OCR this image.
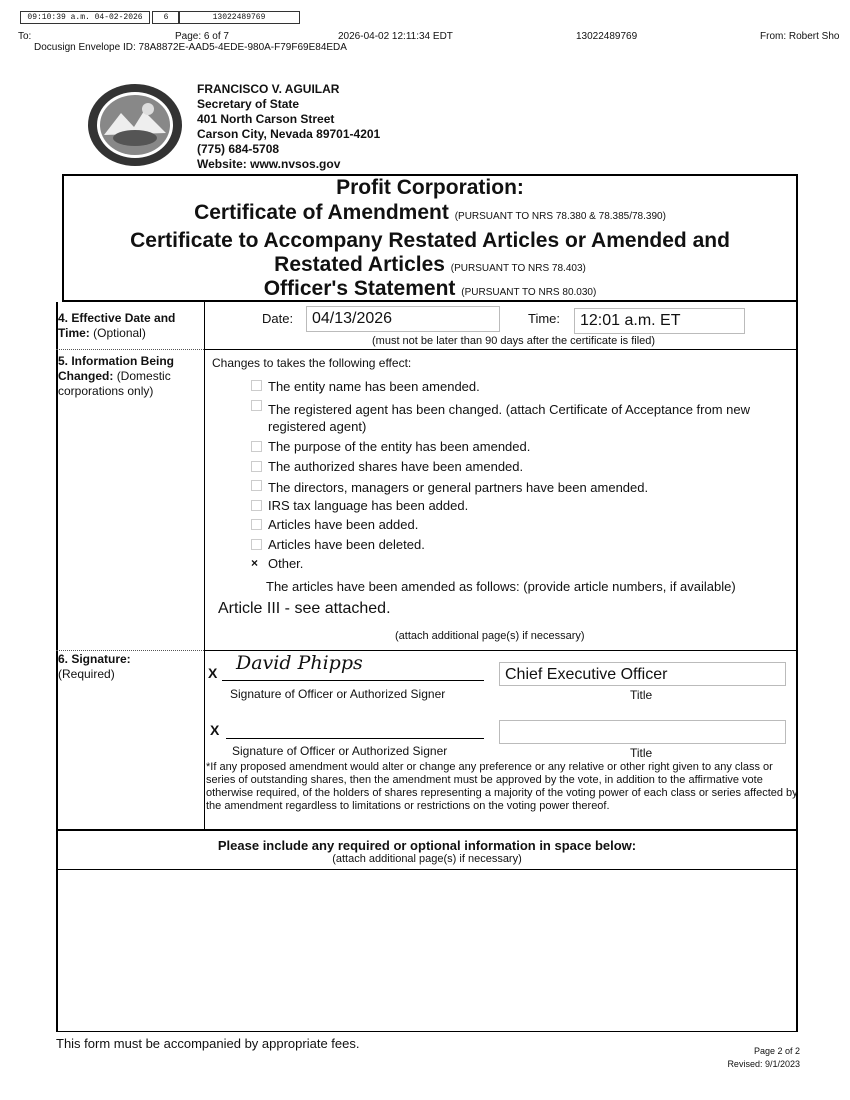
09:10:39 a.m. 04-02-2026	6	13022489769
To:	Page: 6 of 7	2026-04-02 12:11:34 EDT	13022489769	From: Robert Sho
Docusign Envelope ID: 78A8872E-AAD5-4EDE-980A-F79F69E84EDA
FRANCISCO V. AGUILAR
Secretary of State
401 North Carson Street
Carson City, Nevada 89701-4201
(775) 684-5708
Website: www.nvsos.gov
Profit Corporation:
Certificate of Amendment (PURSUANT TO NRS 78.380 & 78.385/78.390)
Certificate to Accompany Restated Articles or Amended and
Restated Articles (PURSUANT TO NRS 78.403)
Officer's Statement (PURSUANT TO NRS 80.030)
4. Effective Date and
Time: (Optional)
Date:	04/13/2026	Time:	12:01 a.m. ET
(must not be later than 90 days after the certificate is filed)
5. Information Being
Changed: (Domestic
corporations only)
Changes to takes the following effect:
The entity name has been amended.
The registered agent has been changed. (attach Certificate of Acceptance from new
registered agent)
The purpose of the entity has been amended.
The authorized shares have been amended.
The directors, managers or general partners have been amended.
IRS tax language has been added.
Articles have been added.
Articles have been deleted.
× Other.
The articles have been amended as follows: (provide article numbers, if available)
Article III - see attached.
(attach additional page(s) if necessary)
6. Signature:
(Required)	X David Phipps
Signature of Officer or Authorized Signer
Chief Executive Officer
Title
X
Signature of Officer or Authorized Signer	Title
*If any proposed amendment would alter or change any preference or any relative or other right given to any class or series of outstanding shares, then the amendment must be approved by the vote, in addition to the affirmative vote otherwise required, of the holders of shares representing a majority of the voting power of each class or series affected by the amendment regardless to limitations or restrictions on the voting power thereof.
Please include any required or optional information in space below:
(attach additional page(s) if necessary)
This form must be accompanied by appropriate fees.	Page 2 of 2
Revised: 9/1/2023
